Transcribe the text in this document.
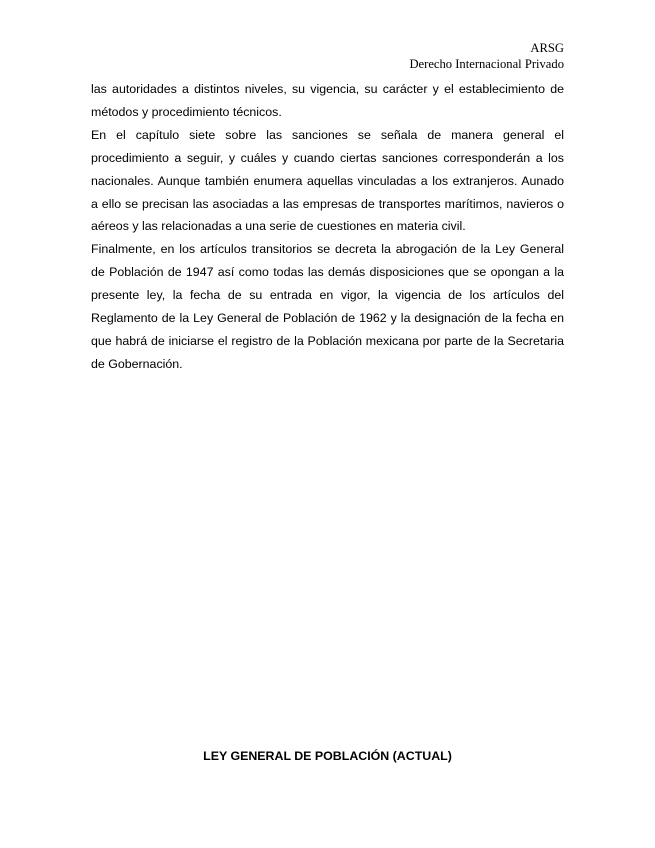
ARSG
Derecho Internacional Privado

las autoridades a distintos niveles, su vigencia, su carácter y el establecimiento de métodos y procedimiento técnicos.

En el capítulo siete sobre las sanciones se señala de manera general el procedimiento a seguir, y cuáles y cuando ciertas sanciones corresponderán a los nacionales. Aunque también enumera aquellas vinculadas a los extranjeros. Aunado a ello se precisan las asociadas a las empresas de transportes marítimos, navieros o aéreos y las relacionadas a una serie de cuestiones en materia civil.

Finalmente, en los artículos transitorios se decreta la abrogación de la Ley General de Población de 1947 así como todas las demás disposiciones que se opongan a la presente ley, la fecha de su entrada en vigor, la vigencia de los artículos del Reglamento de la Ley General de Población de 1962 y la designación de la fecha en que habrá de iniciarse el registro de la Población mexicana por parte de la Secretaria de Gobernación.

LEY GENERAL DE POBLACIÓN (ACTUAL)
